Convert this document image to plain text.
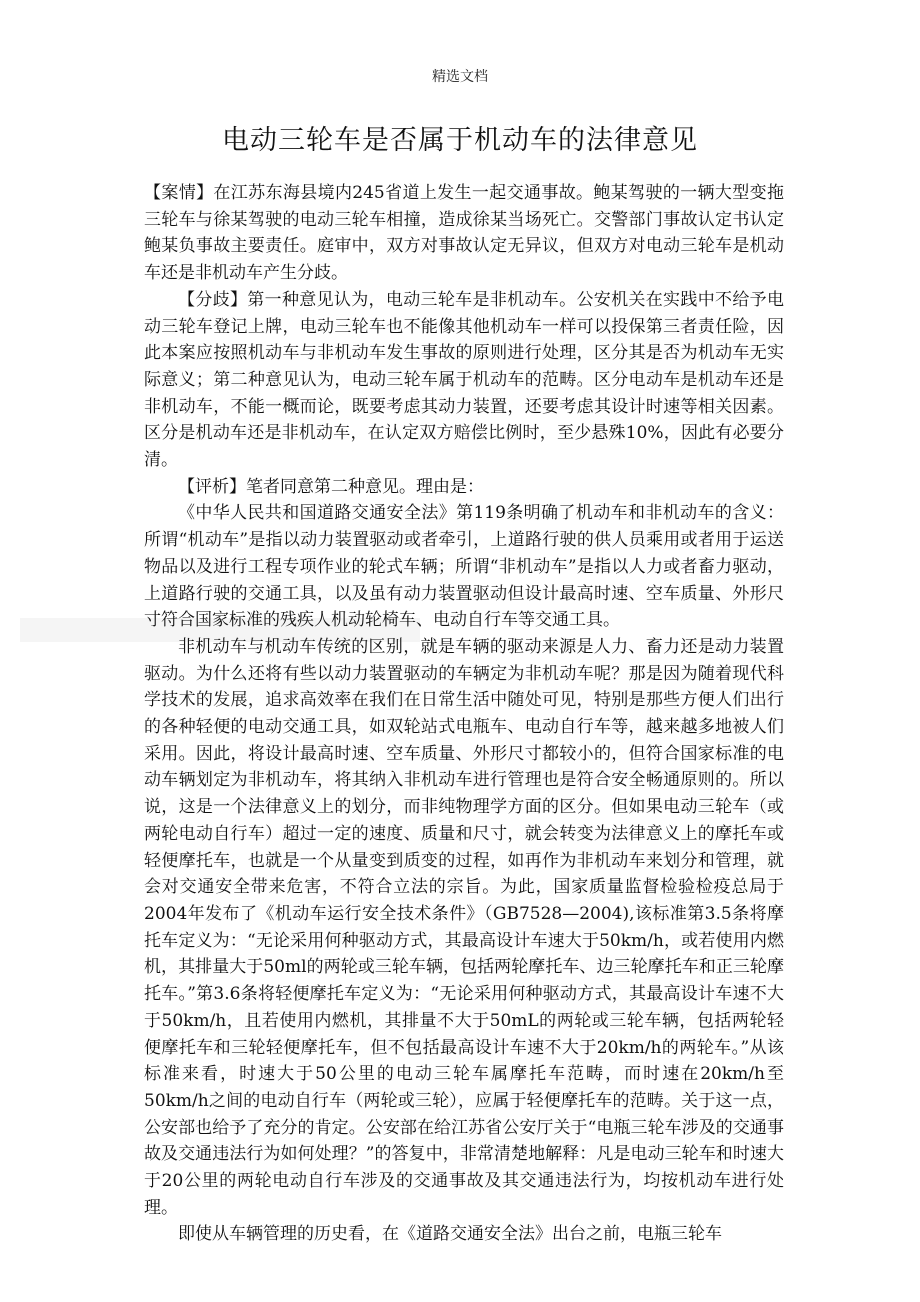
精选文档
电动三轮车是否属于机动车的法律意见

【案情】在江苏东海县境内245省道上发生一起交通事故。鲍某驾驶的一辆大型变拖三轮车与徐某驾驶的电动三轮车相撞，造成徐某当场死亡。交警部门事故认定书认定鲍某负事故主要责任。庭审中，双方对事故认定无异议，但双方对电动三轮车是机动车还是非机动车产生分歧。

【分歧】第一种意见认为，电动三轮车是非机动车。公安机关在实践中不给予电动三轮车登记上牌，电动三轮车也不能像其他机动车一样可以投保第三者责任险，因此本案应按照机动车与非机动车发生事故的原则进行处理，区分其是否为机动车无实际意义；第二种意见认为，电动三轮车属于机动车的范畴。区分电动车是机动车还是非机动车，不能一概而论，既要考虑其动力装置，还要考虑其设计时速等相关因素。区分是机动车还是非机动车，在认定双方赔偿比例时，至少悬殊10%，因此有必要分清。

【评析】笔者同意第二种意见。理由是：

《中华人民共和国道路交通安全法》第119条明确了机动车和非机动车的含义：所谓“机动车”是指以动力装置驱动或者牵引，上道路行驶的供人员乘用或者用于运送物品以及进行工程专项作业的轮式车辆；所谓“非机动车”是指以人力或者畜力驱动，上道路行驶的交通工具，以及虽有动力装置驱动但设计最高时速、空车质量、外形尺寸符合国家标准的残疾人机动轮椅车、电动自行车等交通工具。

非机动车与机动车传统的区别，就是车辆的驱动来源是人力、畜力还是动力装置驱动。为什么还将有些以动力装置驱动的车辆定为非机动车呢？那是因为随着现代科学技术的发展，追求高效率在我们在日常生活中随处可见，特别是那些方便人们出行的各种轻便的电动交通工具，如双轮站式电瓶车、电动自行车等，越来越多地被人们采用。因此，将设计最高时速、空车质量、外形尺寸都较小的，但符合国家标准的电动车辆划定为非机动车，将其纳入非机动车进行管理也是符合安全畅通原则的。所以说，这是一个法律意义上的划分，而非纯物理学方面的区分。但如果电动三轮车（或两轮电动自行车）超过一定的速度、质量和尺寸，就会转变为法律意义上的摩托车或轻便摩托车，也就是一个从量变到质变的过程，如再作为非机动车来划分和管理，就会对交通安全带来危害，不符合立法的宗旨。为此，国家质量监督检验检疫总局于2004年发布了《机动车运行安全技术条件》（GB7528—2004),该标准第3.5条将摩托车定义为：“无论采用何种驱动方式，其最高设计车速大于50km/h，或若使用内燃机，其排量大于50ml的两轮或三轮车辆，包括两轮摩托车、边三轮摩托车和正三轮摩托车。”第3.6条将轻便摩托车定义为：“无论采用何种驱动方式，其最高设计车速不大于50km/h，且若使用内燃机，其排量不大于50mL的两轮或三轮车辆，包括两轮轻便摩托车和三轮轻便摩托车，但不包括最高设计车速不大于20km/h的两轮车。”从该标准来看，时速大于50公里的电动三轮车属摩托车范畴，而时速在20km/h至50km/h之间的电动自行车（两轮或三轮），应属于轻便摩托车的范畴。关于这一点，公安部也给予了充分的肯定。公安部在给江苏省公安厅关于“电瓶三轮车涉及的交通事故及交通违法行为如何处理？”的答复中，非常清楚地解释：凡是电动三轮车和时速大于20公里的两轮电动自行车涉及的交通事故及其交通违法行为，均按机动车进行处理。

即使从车辆管理的历史看，在《道路交通安全法》出台之前，电瓶三轮车
